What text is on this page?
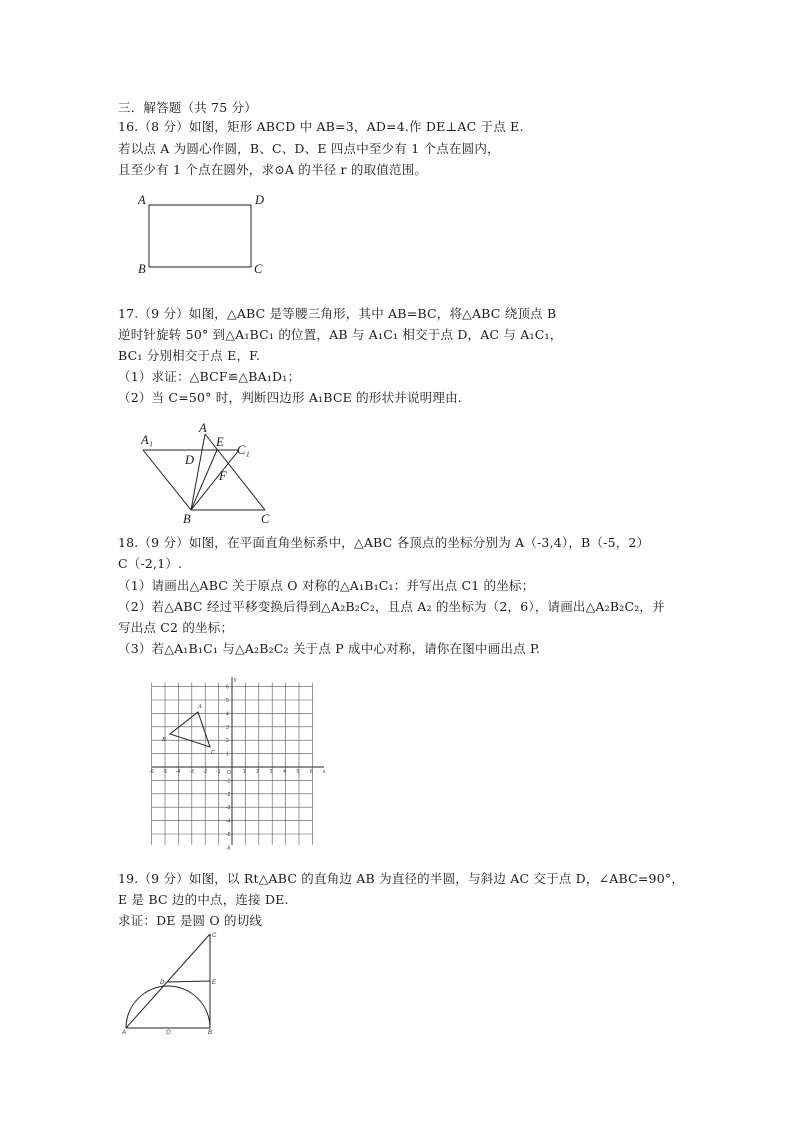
三．解答题（共 75 分）
16.（8 分）如图，矩形 ABCD 中 AB=3，AD=4.作 DE⊥AC 于点 E.
若以点 A 为圆心作圆，B、C、D、E 四点中至少有 1 个点在圆内，
且至少有 1 个点在圆外，求⊙A 的半径 r 的取值范围。
A	D
B	C
17.（9 分）如图，△ABC 是等腰三角形，其中 AB=BC，将△ABC 绕顶点 B
逆时针旋转 50° 到△A₁BC₁ 的位置，AB 与 A₁C₁ 相交于点 D，AC 与 A₁C₁，
BC₁ 分别相交于点 E，F.
（1）求证：△BCF≌△BA₁D₁；
（2）当 C=50° 时，判断四边形 A₁BCE 的形状并说明理由.
A₁
A
E
C₁
D
F
B	C
18.（9 分）如图，在平面直角坐标系中，△ABC 各顶点的坐标分别为 A（-3,4），B（-5，2）
C（-2,1）.
（1）请画出△ABC 关于原点 O 对称的△A₁B₁C₁：并写出点 C1 的坐标；
（2）若△ABC 经过平移变换后得到△A₂B₂C₂，且点 A₂ 的坐标为（2，6），请画出△A₂B₂C₂，并
写出点 C2 的坐标；
（3）若△A₁B₁C₁ 与△A₂B₂C₂ 关于点 P 成中心对称，请你在图中画出点 P.
A
B
C
O	x
y
-6 -5 -4 -3 -2 -1	1 2 3 4 5 6
6
5
4
3
2
1
-1
-2
-3
-4
-5
-6
19.（9 分）如图，以 Rt△ABC 的直角边 AB 为直径的半圆，与斜边 AC 交于点 D，∠ABC=90°，
E 是 BC 边的中点，连接 DE.
求证：DE 是圆 O 的切线
C
D	E
A	O	B
